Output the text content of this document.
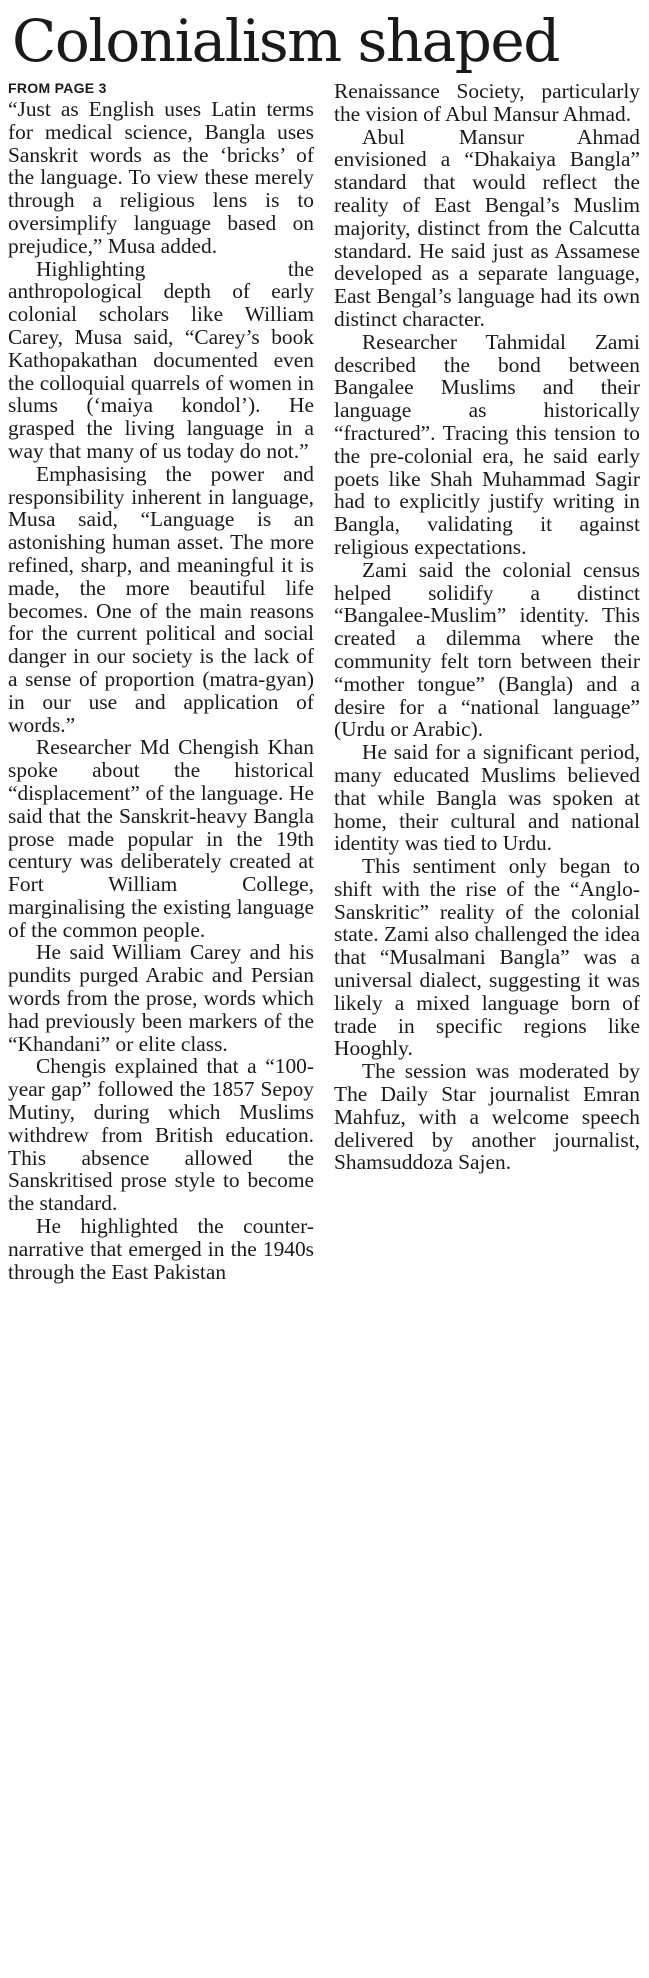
Colonialism shaped
FROM PAGE 3

“Just as English uses Latin terms for medical science, Bangla uses Sanskrit words as the ‘bricks’ of the language. To view these merely through a religious lens is to oversimplify language based on prejudice,” Musa added.

Highlighting the anthropological depth of early colonial scholars like William Carey, Musa said, “Carey’s book Kathopakathan documented even the colloquial quarrels of women in slums (‘maiya kondol’). He grasped the living language in a way that many of us today do not.”

Emphasising the power and responsibility inherent in language, Musa said, “Language is an astonishing human asset. The more refined, sharp, and meaningful it is made, the more beautiful life becomes. One of the main reasons for the current political and social danger in our society is the lack of a sense of proportion (matra-gyan) in our use and application of words.”

Researcher Md Chengish Khan spoke about the historical “displacement” of the language. He said that the Sanskrit-heavy Bangla prose made popular in the 19th century was deliberately created at Fort William College, marginalising the existing language of the common people.

He said William Carey and his pundits purged Arabic and Persian words from the prose, words which had previously been markers of the “Khandani” or elite class.

Chengis explained that a “100-year gap” followed the 1857 Sepoy Mutiny, during which Muslims withdrew from British education. This absence allowed the Sanskritised prose style to become the standard.

He highlighted the counter-narrative that emerged in the 1940s through the East Pakistan

Renaissance Society, particularly the vision of Abul Mansur Ahmad.

Abul Mansur Ahmad envisioned a “Dhakaiya Bangla” standard that would reflect the reality of East Bengal’s Muslim majority, distinct from the Calcutta standard. He said just as Assamese developed as a separate language, East Bengal’s language had its own distinct character.

Researcher Tahmidal Zami described the bond between Bangalee Muslims and their language as historically “fractured”. Tracing this tension to the pre-colonial era, he said early poets like Shah Muhammad Sagir had to explicitly justify writing in Bangla, validating it against religious expectations.

Zami said the colonial census helped solidify a distinct “Bangalee-Muslim” identity. This created a dilemma where the community felt torn between their “mother tongue” (Bangla) and a desire for a “national language” (Urdu or Arabic).

He said for a significant period, many educated Muslims believed that while Bangla was spoken at home, their cultural and national identity was tied to Urdu.

This sentiment only began to shift with the rise of the “Anglo-Sanskritic” reality of the colonial state. Zami also challenged the idea that “Musalmani Bangla” was a universal dialect, suggesting it was likely a mixed language born of trade in specific regions like Hooghly.

The session was moderated by The Daily Star journalist Emran Mahfuz, with a welcome speech delivered by another journalist, Shamsuddoza Sajen.
